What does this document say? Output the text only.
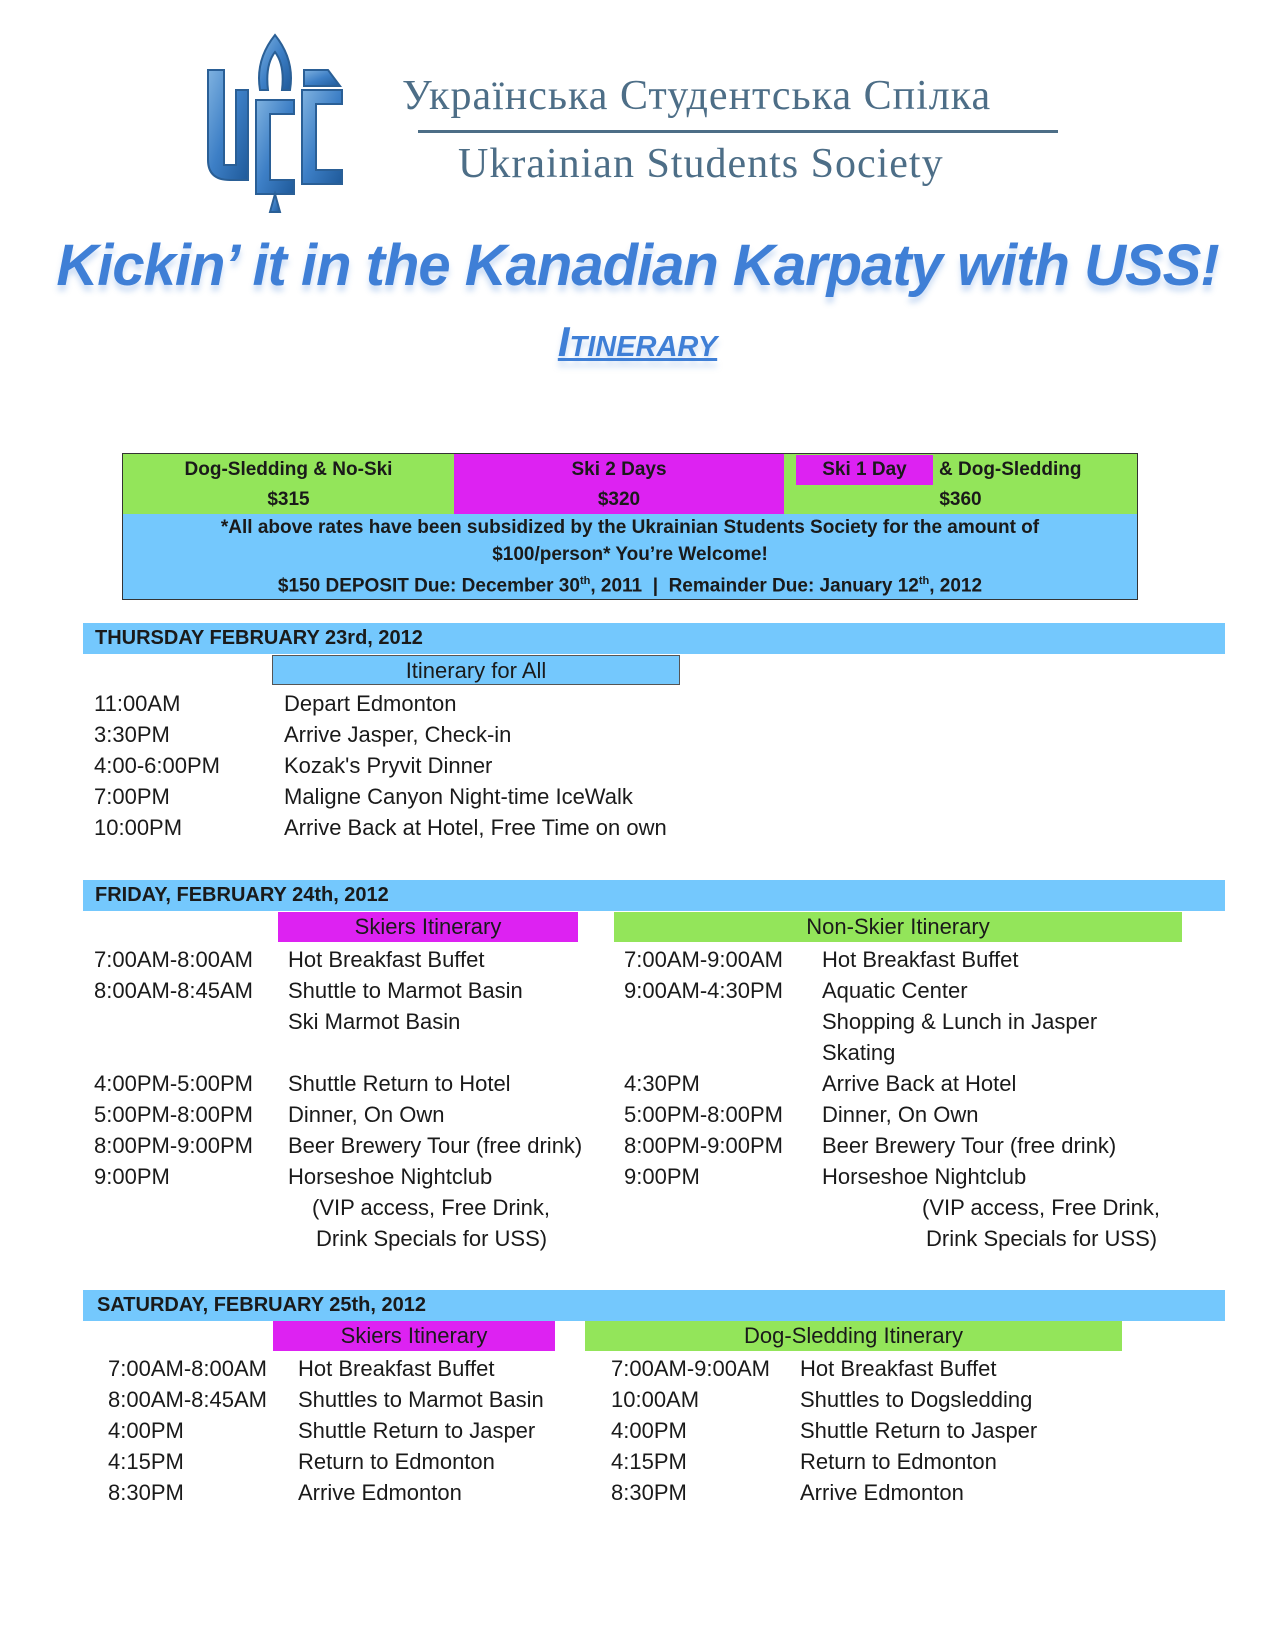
Українська Студентська Спілка
Ukrainian Students Society
Kickin’ it in the Kanadian Karpaty with USS!
Itinerary
Dog-Sledding & No-Ski
$315
Ski 2 Days
$320
Ski 1 Day	& Dog-Sledding
$360
*All above rates have been subsidized by the Ukrainian Students Society for the amount of
$100/person* You’re Welcome!
$150 DEPOSIT Due: December 30th, 2011 | Remainder Due: January 12th, 2012
THURSDAY FEBRUARY 23rd, 2012
Itinerary for All
11:00AM	Depart Edmonton
3:30PM	Arrive Jasper, Check-in
4:00-6:00PM	Kozak's Pryvit Dinner
7:00PM	Maligne Canyon Night-time IceWalk
10:00PM	Arrive Back at Hotel, Free Time on own
FRIDAY, FEBRUARY 24th, 2012
Skiers Itinerary	Non-Skier Itinerary
7:00AM-8:00AM Hot Breakfast Buffet
8:00AM-8:45AM Shuttle to Marmot Basin
Ski Marmot Basin
4:00PM-5:00PM Shuttle Return to Hotel
5:00PM-8:00PM Dinner, On Own
8:00PM-9:00PM Beer Brewery Tour (free drink)
9:00PM	Horseshoe Nightclub
(VIP access, Free Drink,
Drink Specials for USS)
7:00AM-9:00AM Hot Breakfast Buffet
9:00AM-4:30PM Aquatic Center
Shopping & Lunch in Jasper
Skating
4:30PM	Arrive Back at Hotel
5:00PM-8:00PM Dinner, On Own
8:00PM-9:00PM Beer Brewery Tour (free drink)
9:00PM	Horseshoe Nightclub
(VIP access, Free Drink,
Drink Specials for USS)
SATURDAY, FEBRUARY 25th, 2012
Skiers Itinerary	Dog-Sledding Itinerary
7:00AM-8:00AM Hot Breakfast Buffet
8:00AM-8:45AM Shuttles to Marmot Basin
4:00PM	Shuttle Return to Jasper
4:15PM	Return to Edmonton
8:30PM	Arrive Edmonton
7:00AM-9:00AM Hot Breakfast Buffet
10:00AM	Shuttles to Dogsledding
4:00PM	Shuttle Return to Jasper
4:15PM	Return to Edmonton
8:30PM	Arrive Edmonton
